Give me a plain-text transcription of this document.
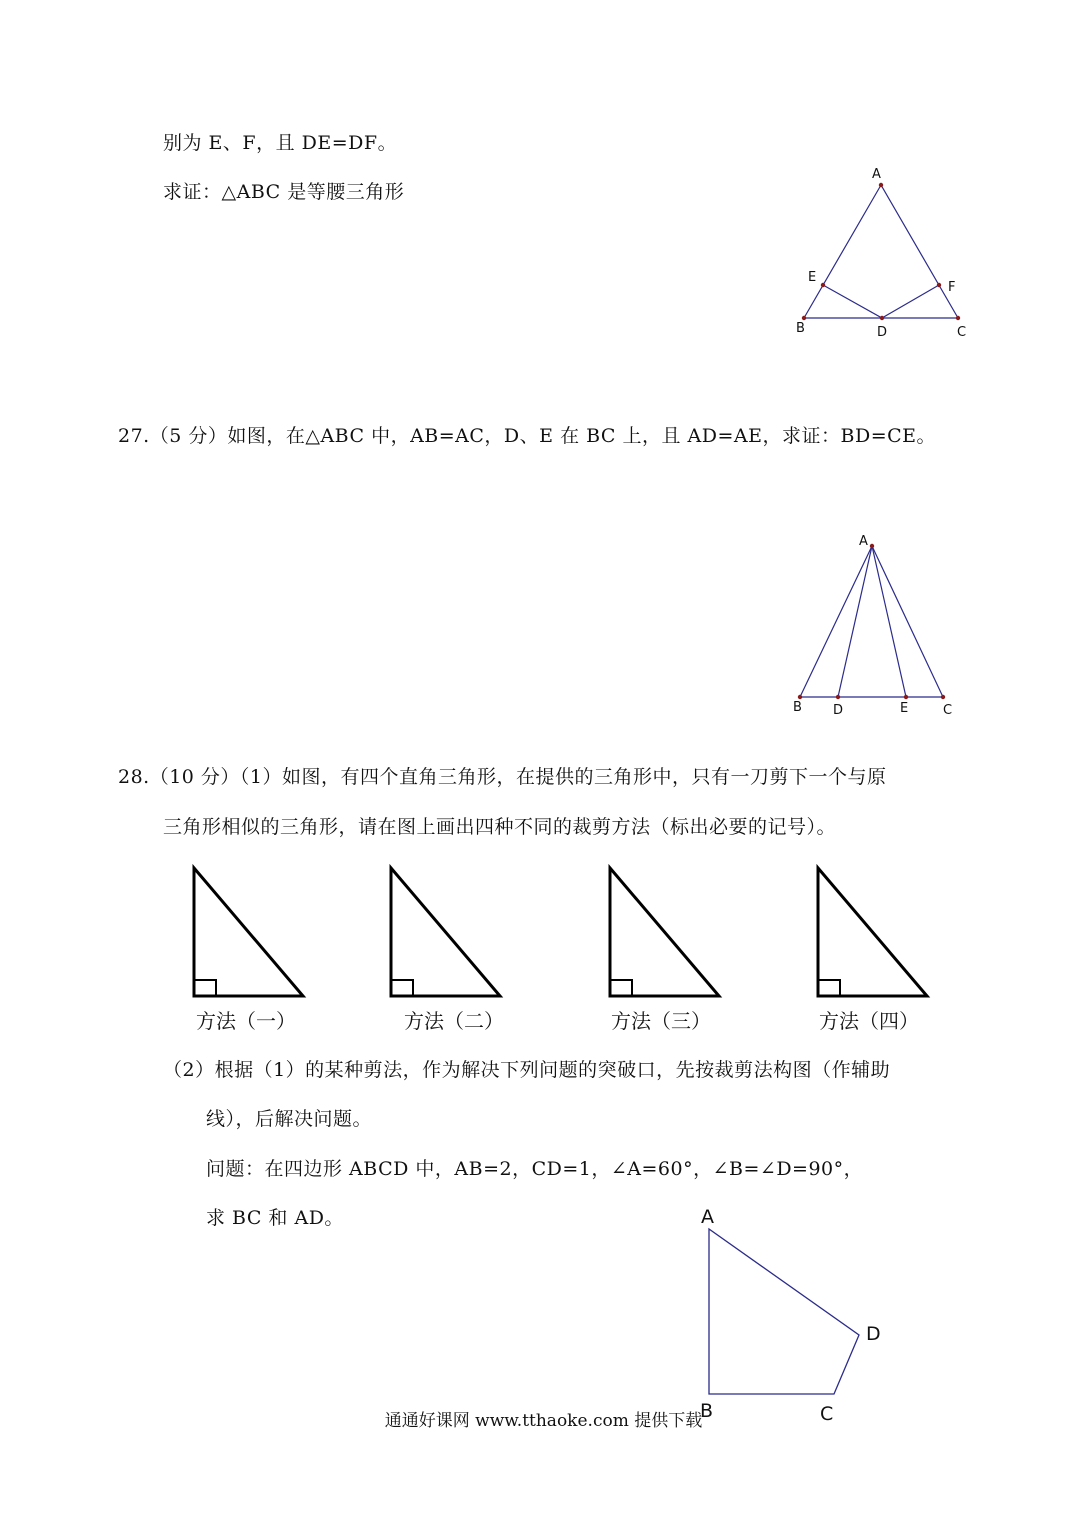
别为 E、F，且 DE=DF。
求证：△ABC 是等腰三角形
27.（5 分）如图，在△ABC 中，AB=AC，D、E 在 BC 上，且 AD=AE，求证：BD=CE。
28.（10 分）（1）如图，有四个直角三角形，在提供的三角形中，只有一刀剪下一个与原
三角形相似的三角形，请在图上画出四种不同的裁剪方法（标出必要的记号）。
方法（一）	方法（二）	方法（三）	方法（四）
（2）根据（1）的某种剪法，作为解决下列问题的突破口，先按裁剪法构图（作辅助
线），后解决问题。
问题：在四边形 ABCD 中，AB=2，CD=1，∠A=60°，∠B=∠D=90°，
求 BC 和 AD。
A
B	C
D
E
F
A
B	C
D	E
A
B	C
D
通通好课网 www.tthaoke.com 提供下载
